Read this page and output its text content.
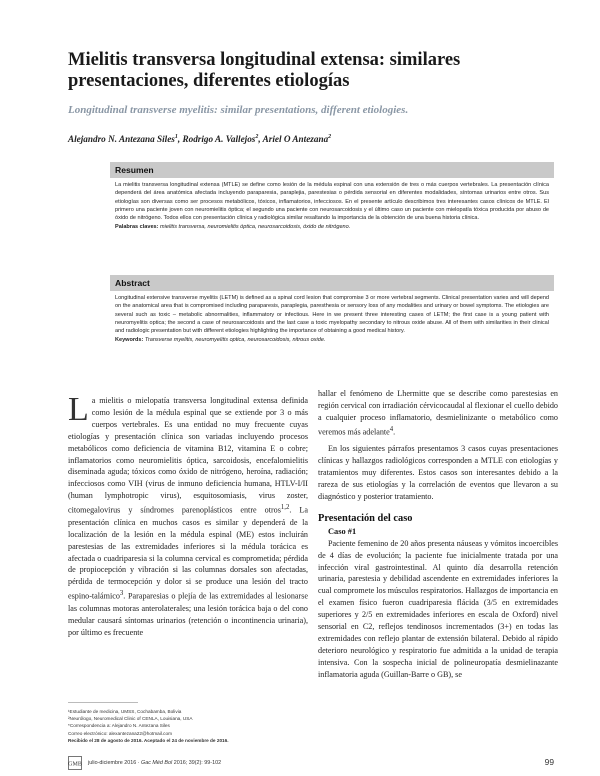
Mielitis transversa longitudinal extensa: similares presentaciones, diferentes etiologías
Longitudinal transverse myelitis: similar presentations, different etiologies.
Alejandro N. Antezana Siles$^1$, Rodrigo A. Vallejos$^2$, Ariel O Antezana$^2$
Resumen
La mielitis transversa longitudinal extensa (MTLE) se define como lesión de la médula espinal con una extensión de tres o más cuerpos vertebrales. La presentación clínica dependerá del área anatómica afectada incluyendo paraparesia, paraplejia, parestesias o pérdida sensorial en diferentes modalidades, síntomas urinarios entre otros. Sus etiologías son diversas como ser procesos metabólicos, tóxicos, inflamatorios, infecciosos. En el presente artículo describimos tres interesantes casos clínicos de MTLE. El primero una paciente joven con neuromielitis óptica; el segundo una paciente con neurosarcoidosis y el último caso un paciente con mielopatía tóxica producida por abuso de óxido de nitrógeno. Todos ellos con presentación clínica y radiológica similar resaltando la importancia de la obtención de una buena historia clínica.
Palabras claves: mielitis transversa, neuromielitis óptica, neurosarcoidosis, óxido de nitrógeno.
Abstract
Longitudinal extensive transverse myelitis (LETM) is defined as a spinal cord lesion that compromise 3 or more vertebral segments. Clinical presentation varies and will depend on the anatomical area that is compromised including paraparesis, paraplegia, paresthesia or sensory loss of any modalities and urinary or bowel symptoms. The etiologies are several such as toxic – metabolic abnormalities, inflammatory or infectious. Here in we present three interesting cases of LETM; the first case is a young patient with neuromyelitis optica; the second a case of neurosarcoidosis and the last case a toxic myelopathy secondary to nitrous oxide abuse. All of them with similarities in their clinical and radiologic presentation but with different etiologies highlighting the importance of obtaining a good medical history.
Keywords: Transverse myelitis, neuromyelitis optica, neurosarcoidosis, nitrous oxide.

La mielitis o mielopatía transversa longitudinal extensa definida como lesión de la médula espinal que se extiende por 3 o más cuerpos vertebrales. Es una entidad no muy frecuente cuyas etiologías y presentación clínica son variadas incluyendo procesos metabólicos como deficiencia de vitamina B12, vitamina E o cobre; inflamatorios como neuromielitis óptica, sarcoidosis, encefalomielitis diseminada aguda; tóxicos como óxido de nitrógeno, heroína, radiación; infecciosos como VIH (virus de inmuno deficiencia humana, HTLV-I/II (human lymphotropic virus), esquitosomiasis, virus zoster, citomegalovirus y síndromes parenoplásticos entre otros$^{1,2}$. La presentación clínica en muchos casos es similar y dependerá de la localización de la lesión en la médula espinal (ME) estos incluirán parestesias de las extremidades inferiores si la médula torácica es afectada o cuadriparesia si la columna cervical es comprometida; pérdida de propiocepción y vibración si las columnas dorsales son afectadas, pérdida de termocepción y dolor si se produce una lesión del tracto espino-talámico$^3$. Paraparesias o plejía de las extremidades al lesionarse las columnas motoras anterolaterales; una lesión torácica baja o del cono medular causará síntomas urinarios (retención o incontinencia urinaria), por último es frecuente

¹Estudiante de medicina, UMSS, Cochabamba, Bolivia
²Neurólogo, Neuromedical Clinic of CENLA, Louisiana, USA
*Correspondencia a: Alejandro N. Antezana Siles
Correo electrónico: alexantezana22@hotmail.com
Recibido el 28 de agosto de 2016. Aceptado el 24 de noviembre de 2016.

hallar el fenómeno de Lhermitte que se describe como parestesias en región cervical con irradiación cérvicocaudal al flexionar el cuello debido a cualquier proceso inflamatorio, desmielinizante o metabólico como veremos más adelante$^4$.

En los siguientes párrafos presentamos 3 casos cuyas presentaciones clínicas y hallazgos radiológicos corresponden a MTLE con etiologías y tratamientos muy diferentes. Estos casos son interesantes debido a la rareza de sus etiologías y la correlación de eventos que llevaron a su diagnóstico y posterior tratamiento.

Presentación del caso
Caso #1

Paciente femenino de 20 años presenta náuseas y vómitos incoercibles de 4 días de evolución; la paciente fue inicialmente tratada por una infección viral gastrointestinal. Al quinto día desarrolla retención urinaria, parestesia y debilidad ascendente en extremidades inferiores la cual compromete los músculos respiratorios. Hallazgos de importancia en el examen físico fueron cuadriparesia flácida (3/5 en extremidades superiores y 2/5 en extremidades inferiores en escala de Oxford) nivel sensorial en C2, reflejos tendinosos incrementados (3+) en todas las extremidades con reflejo plantar de extensión bilateral. Debido al rápido deterioro neurológico y respiratorio fue admitida a la unidad de terapia intensiva. Con la sospecha inicial de polineuropatía desmielinazante inflamatoria aguda (Guillan-Barre o GB), se

GMB julio-diciembre 2016 · Gac Méd Bol 2016; 39(2): 99-102	99
